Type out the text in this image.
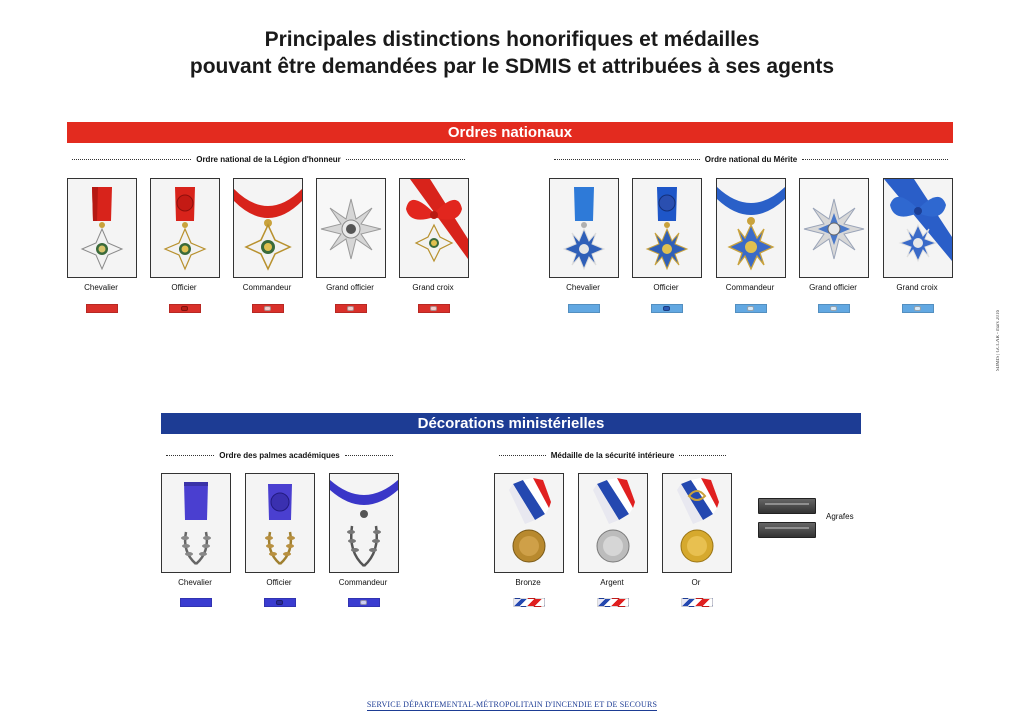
Principales distinctions honorifiques et médailles
pouvant être demandées par le SDMIS et attribuées à ses agents
Ordres nationaux
Ordre national de la Légion d'honneur
Chevalier	Officier	Commandeur	Grand officier	Grand croix
Ordre national du Mérite
Chevalier	Officier	Commandeur	Grand officier	Grand croix
SDMIS | GCCAR - mars 2016
Décorations ministérielles
Ordre des palmes académiques
Chevalier	Officier	Commandeur
Médaille de la sécurité intérieure
Bronze	Argent	Or
Agrafes
SERVICE DÉPARTEMENTAL-MÉTROPOLITAIN D'INCENDIE ET DE SECOURS
